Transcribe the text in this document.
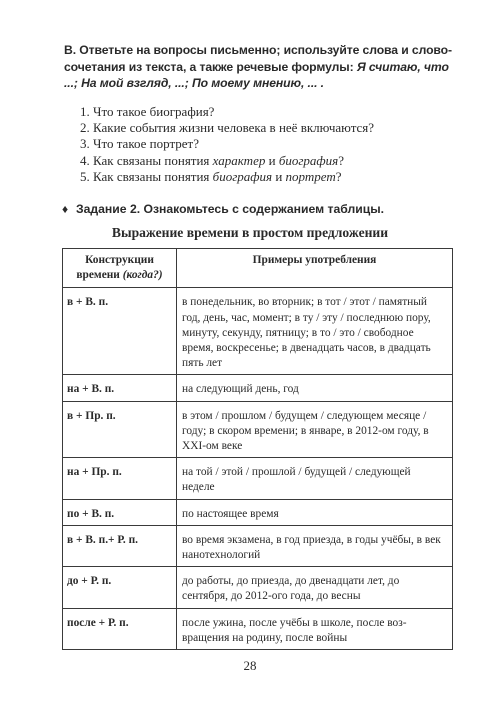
В. Ответьте на вопросы письменно; используйте слова и словосочетания из текста, а также речевые формулы: Я считаю, что ...; На мой взгляд, ...; По моему мнению, ... .
1. Что такое биография?
2. Какие события жизни человека в неё включаются?
3. Что такое портрет?
4. Как связаны понятия характер и биография?
5. Как связаны понятия биография и портрет?
♦ Задание 2. Ознакомьтесь с содержанием таблицы.
Выражение времени в простом предложении
Конструкции
времени (когда?)	Примеры употребления

в + В. п.	в понедельник, во вторник; в тот / этот / памятный год, день, час, момент; в ту / эту / последнюю пору, минуту, секунду, пятницу; в то / это / свободное время, воскресенье; в двенадцать часов, в двадцать пять лет
на + В. п.	на следующий день, год
в + Пр. п.	в этом / прошлом / будущем / следующем месяце / году; в скором времени; в январе, в 2012-ом году, в XXI-ом веке
на + Пр. п.	на той / этой / прошлой / будущей / следующей неделе
по + В. п.	по настоящее время
в + В. п.+ Р. п.	во время экзамена, в год приезда, в годы учёбы, в век нанотехнологий
до + Р. п.	до работы, до приезда, до двенадцати лет, до сентября, до 2012-ого года, до весны
после + Р. п.	после ужина, после учёбы в школе, после возвращения на родину, после войны
28
